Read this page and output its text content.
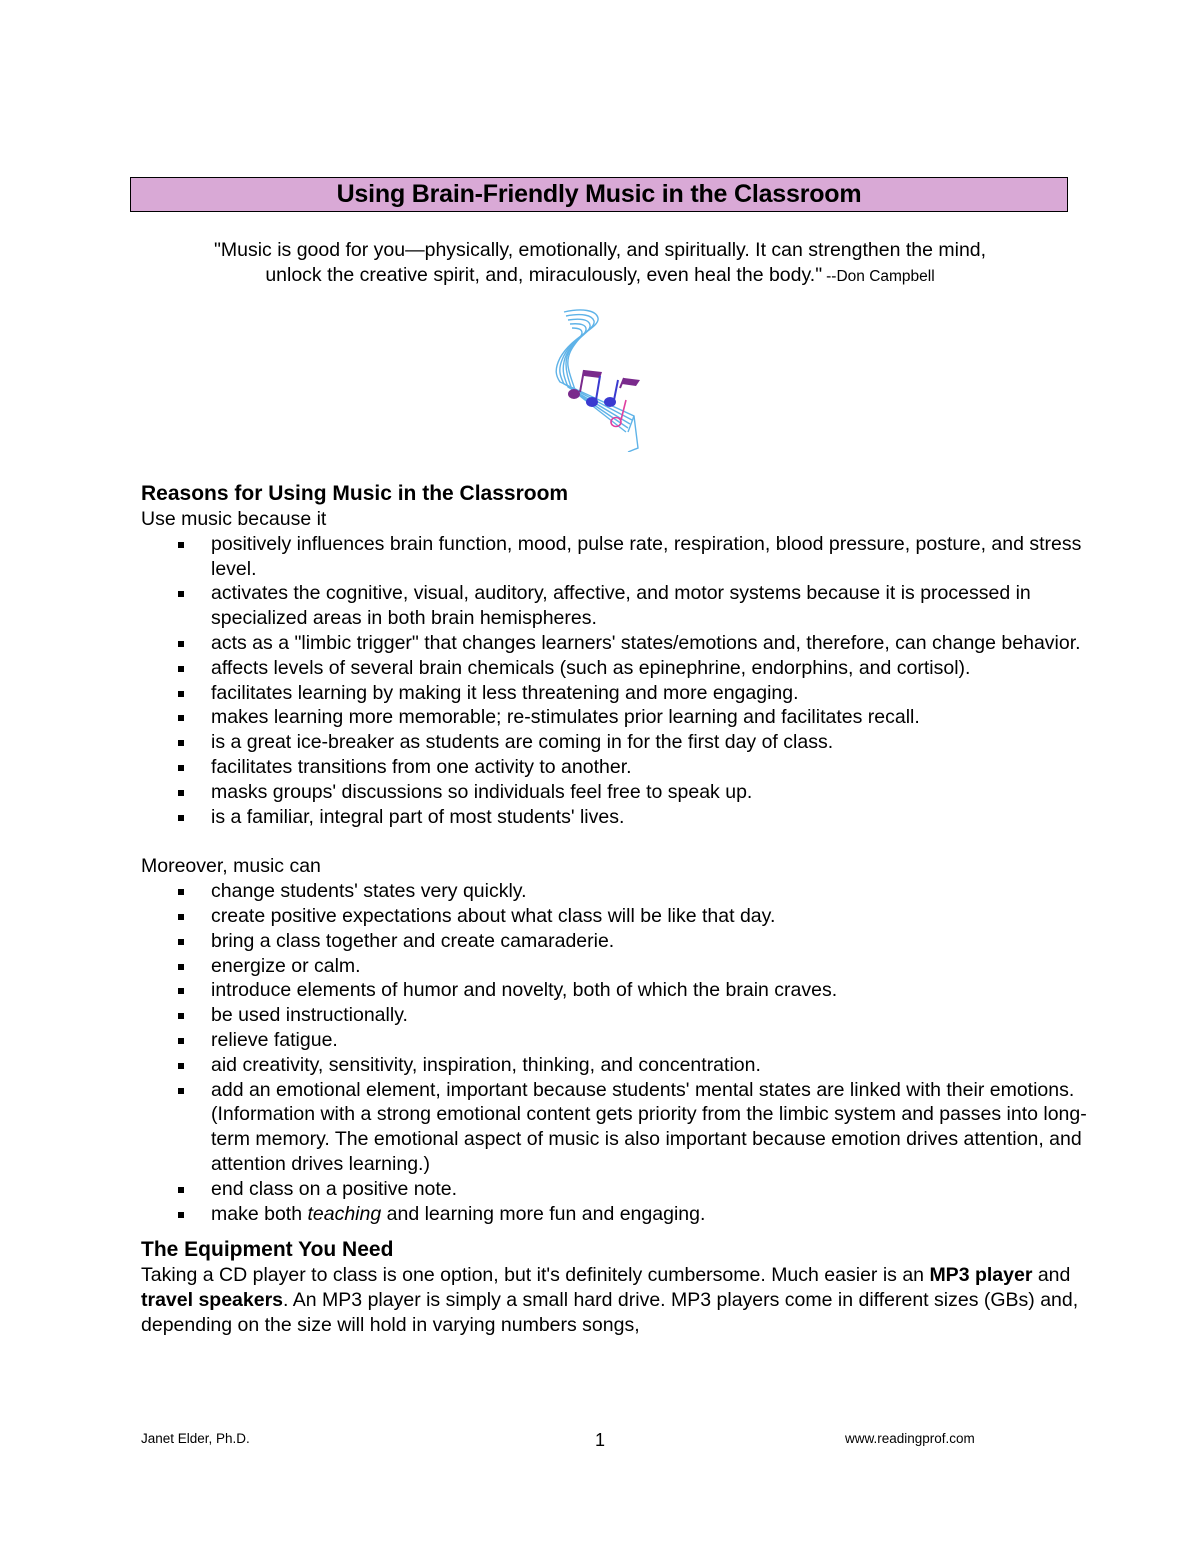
Using Brain-Friendly Music in the Classroom
"Music is good for you—physically, emotionally, and spiritually. It can strengthen the mind,
unlock the creative spirit, and, miraculously, even heal the body." --Don Campbell
Reasons for Using Music in the Classroom

Use music because it

positively influences brain function, mood, pulse rate, respiration, blood pressure, posture, and stress level.
activates the cognitive, visual, auditory, affective, and motor systems because it is processed in specialized areas in both brain hemispheres.
acts as a "limbic trigger" that changes learners' states/emotions and, therefore, can change behavior.
affects levels of several brain chemicals (such as epinephrine, endorphins, and cortisol).
facilitates learning by making it less threatening and more engaging.
makes learning more memorable; re-stimulates prior learning and facilitates recall.
is a great ice-breaker as students are coming in for the first day of class.
facilitates transitions from one activity to another.
masks groups' discussions so individuals feel free to speak up.
is a familiar, integral part of most students' lives.

Moreover, music can

change students' states very quickly.
create positive expectations about what class will be like that day.
bring a class together and create camaraderie.
energize or calm.
introduce elements of humor and novelty, both of which the brain craves.
be used instructionally.
relieve fatigue.
aid creativity, sensitivity, inspiration, thinking, and concentration.
add an emotional element, important because students' mental states are linked with their emotions. (Information with a strong emotional content gets priority from the limbic system and passes into long-term memory. The emotional aspect of music is also important because emotion drives attention, and attention drives learning.)
end class on a positive note.
make both teaching and learning more fun and engaging.
The Equipment You Need

Taking a CD player to class is one option, but it's definitely cumbersome. Much easier is an MP3 player and travel speakers. An MP3 player is simply a small hard drive. MP3 players come in different sizes (GBs) and, depending on the size will hold in varying numbers songs,

Janet Elder, Ph.D.	1	www.readingprof.com
